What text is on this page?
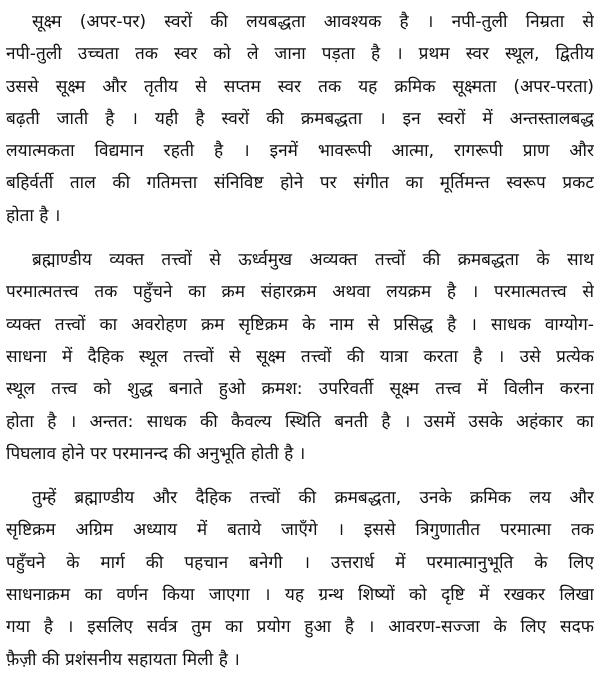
सूक्ष्म (अपर-पर) स्वरों की लयबद्धता आवश्यक है । नपी-तुली निम्रता से
नपी-तुली उच्चता तक स्वर को ले जाना पड़ता है । प्रथम स्वर स्थूल, द्वितीय
उससे सूक्ष्म और तृतीय से सप्तम स्वर तक यह क्रमिक सूक्ष्मता (अपर-परता)
बढ़ती जाती है । यही है स्वरों की क्रमबद्धता । इन स्वरों में अन्तस्तालबद्ध
लयात्मकता विद्यमान रहती है । इनमें भावरूपी आत्मा, रागरूपी प्राण और
बहिर्वर्ती ताल की गतिमत्ता संनिविष्ट होने पर संगीत का मूर्तिमन्त स्वरूप प्रकट
होता है ।

ब्रह्माण्डीय व्यक्त तत्त्वों से ऊर्ध्वमुख अव्यक्त तत्त्वों की क्रमबद्धता के साथ
परमात्मतत्त्व तक पहुँचने का क्रम संहारक्रम अथवा लयक्रम है । परमात्मतत्त्व से
व्यक्त तत्त्वों का अवरोहण क्रम सृष्टिक्रम के नाम से प्रसिद्ध है । साधक वाग्योग-
साधना में दैहिक स्थूल तत्त्वों से सूक्ष्म तत्त्वों की यात्रा करता है । उसे प्रत्येक
स्थूल तत्त्व को शुद्ध बनाते हुओ क्रमश: उपरिवर्ती सूक्ष्म तत्त्व में विलीन करना
होता है । अन्तत: साधक की कैवल्य स्थिति बनती है । उसमें उसके अहंकार का
पिघलाव होने पर परमानन्द की अनुभूति होती है ।

तुम्हें ब्रह्माण्डीय और दैहिक तत्त्वों की क्रमबद्धता, उनके क्रमिक लय और
सृष्टिक्रम अग्रिम अध्याय में बताये जाएँगे । इससे त्रिगुणातीत परमात्मा तक
पहुँचने के मार्ग की पहचान बनेगी । उत्तरार्ध में परमात्मानुभूति के लिए
साधनाक्रम का वर्णन किया जाएगा । यह ग्रन्थ शिष्यों को दृष्टि में रखकर लिखा
गया है । इसलिए सर्वत्र तुम का प्रयोग हुआ है । आवरण-सज्जा के लिए सदफ
फ़ैज़ी की प्रशंसनीय सहायता मिली है ।
